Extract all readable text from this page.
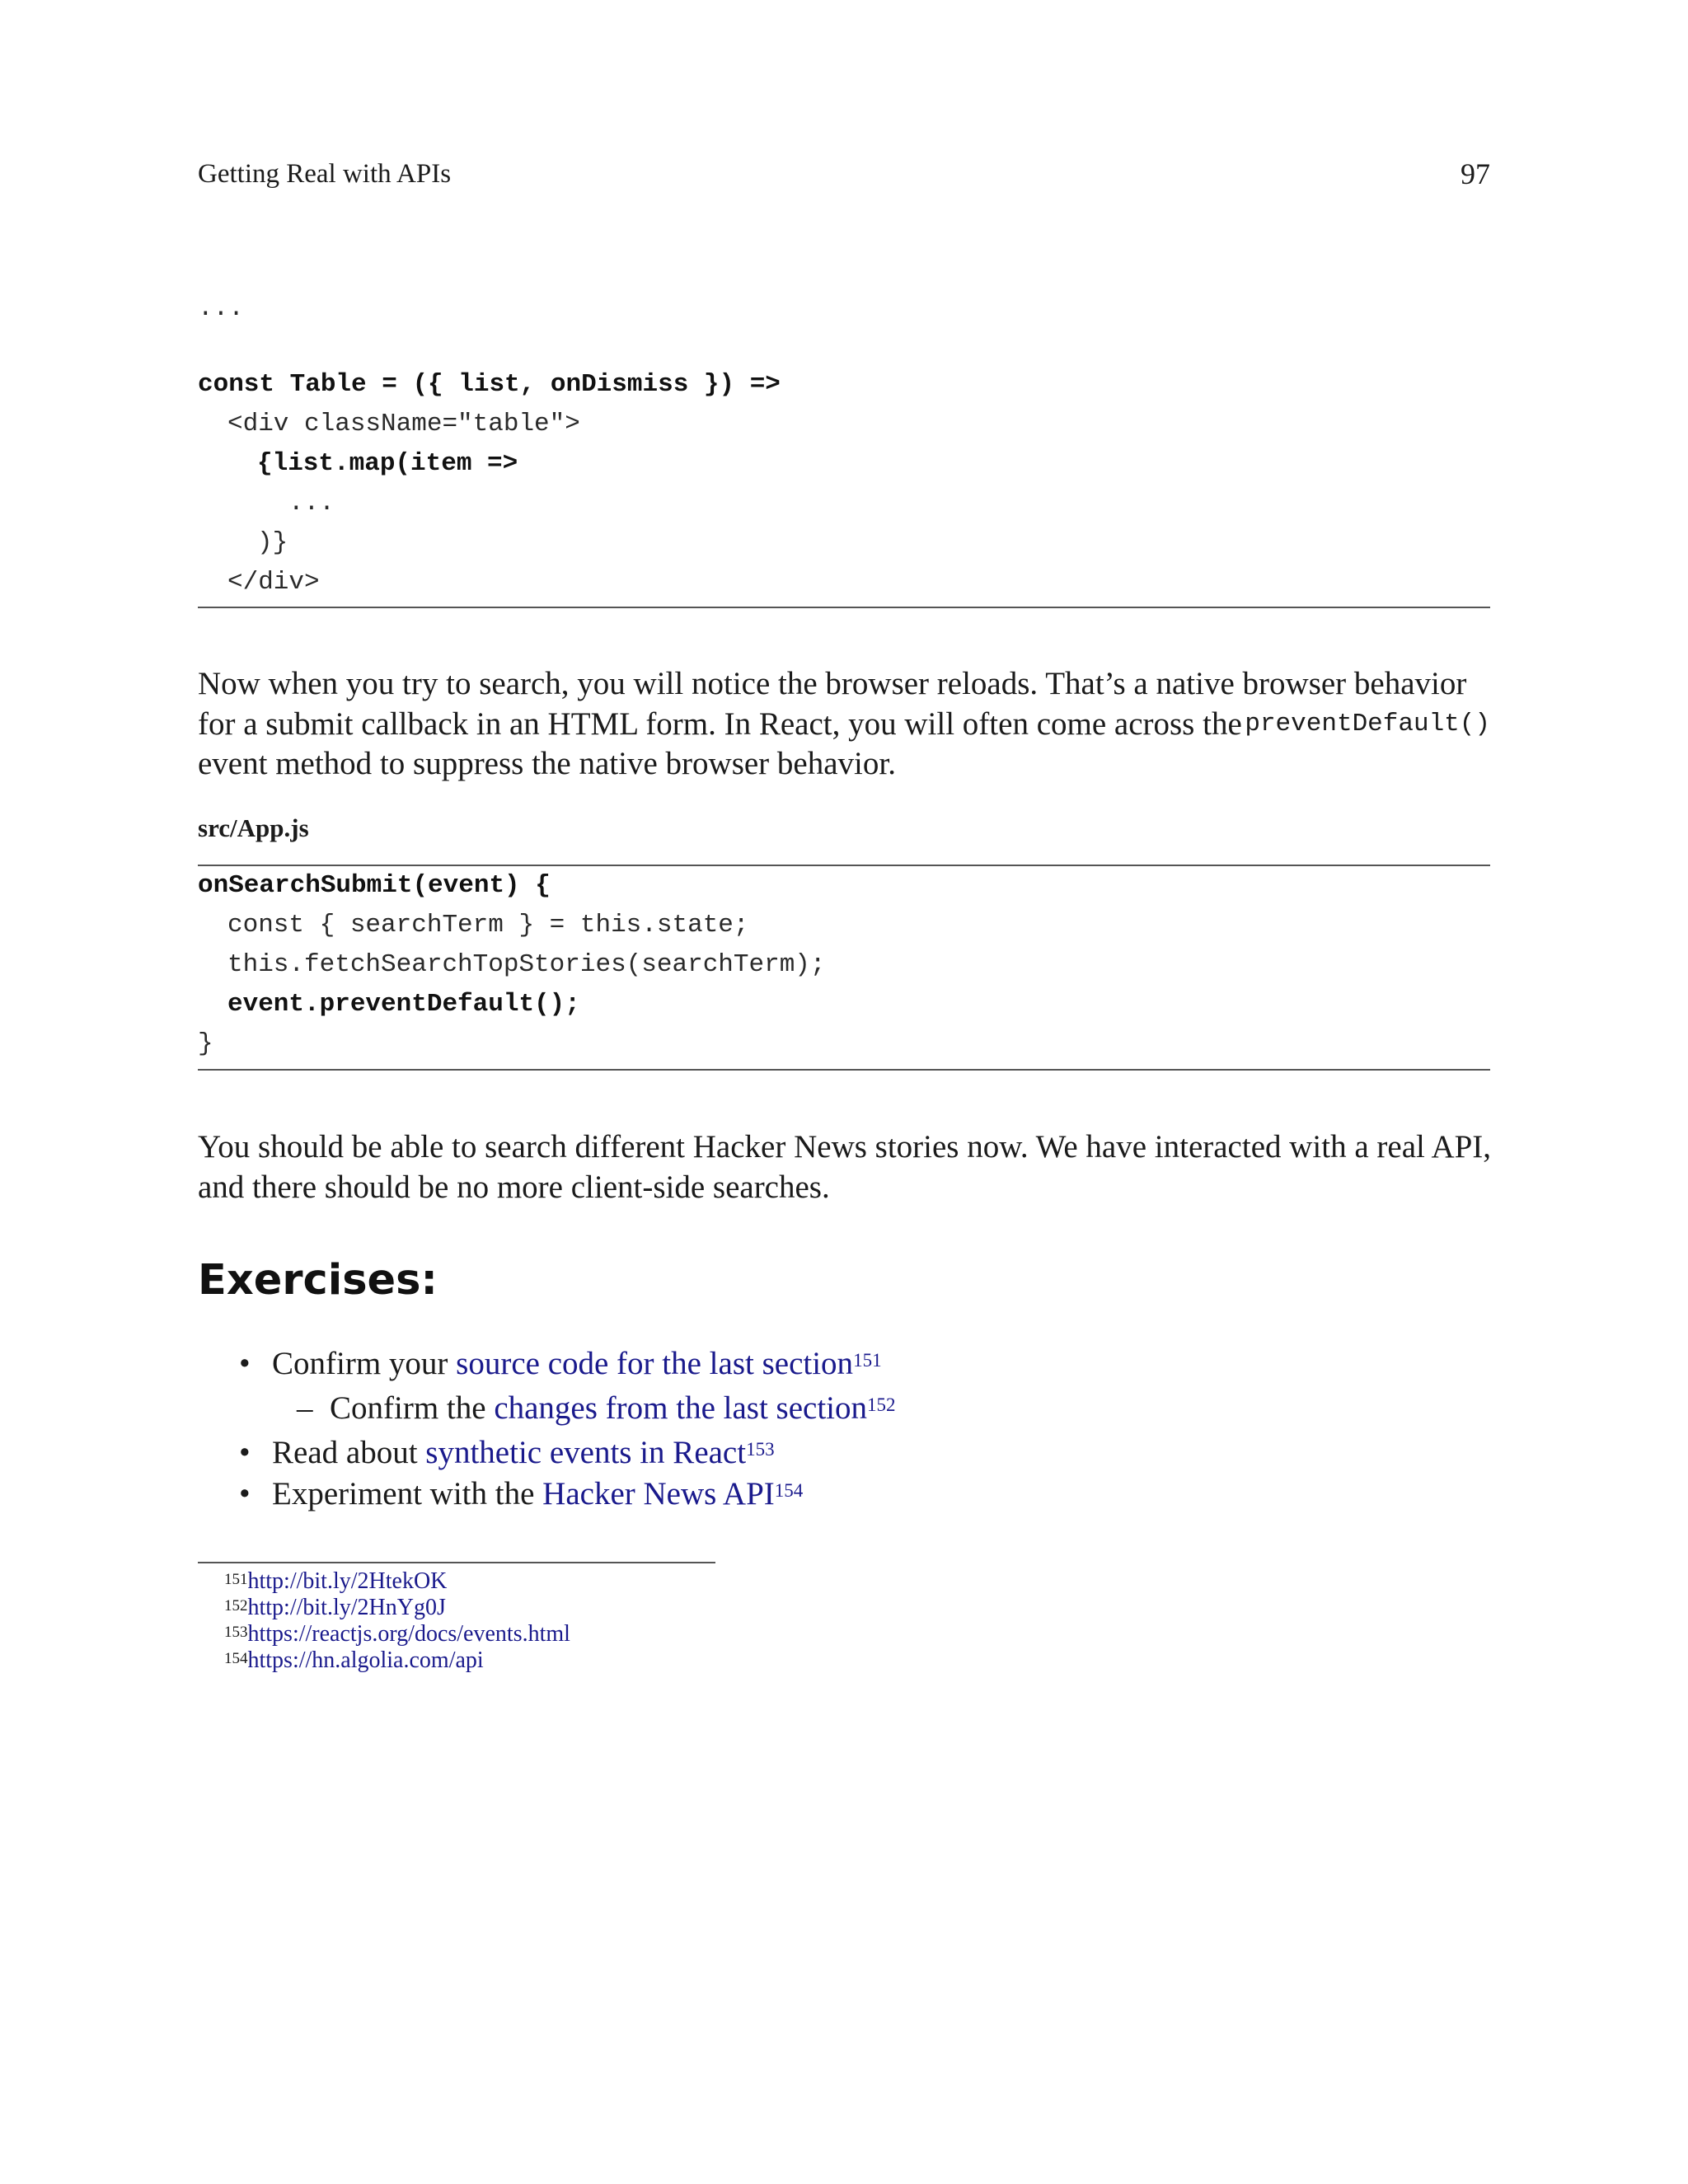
Getting Real with APIs	97
...
const Table = ({ list, onDismiss }) =>
<div className="table">
{list.map(item =>
...
)}
</div>
Now when you try to search, you will notice the browser reloads. That’s a native browser behavior
for a submit callback in an HTML form. In React, you will often come across the preventDefault()
event method to suppress the native browser behavior.
src/App.js
onSearchSubmit(event) {
const { searchTerm } = this.state;
this.fetchSearchTopStories(searchTerm);
event.preventDefault();
}
You should be able to search different Hacker News stories now. We have interacted with a real API,
and there should be no more client-side searches.
Exercises:
• Confirm your source code for the last section$^{151}$
– Confirm the changes from the last section$^{152}$
• Read about synthetic events in React$^{153}$
• Experiment with the Hacker News API$^{154}$
$^{151}$http://bit.ly/2HtekOK
$^{152}$http://bit.ly/2HnYg0J
$^{153}$https://reactjs.org/docs/events.html
$^{154}$https://hn.algolia.com/api
